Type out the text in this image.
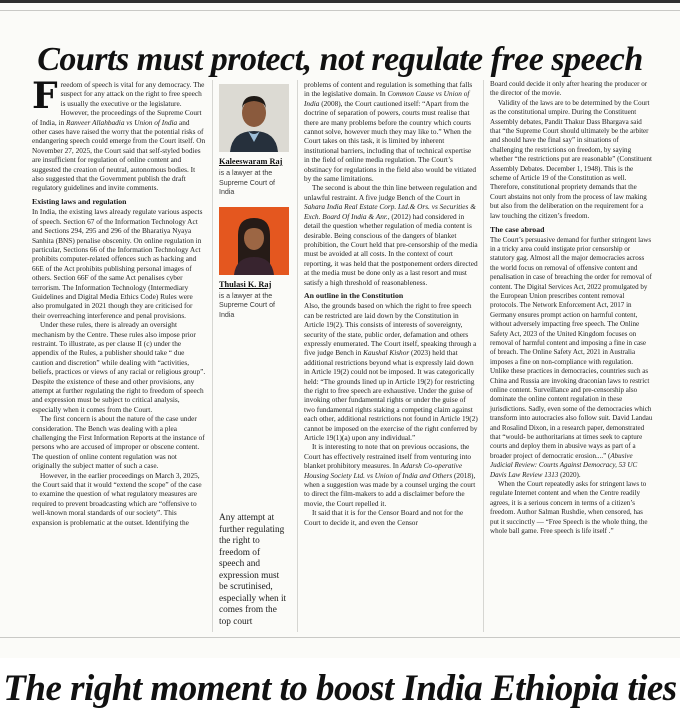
Courts must protect, not regulate free speech

Freedom of speech is vital for any democracy. The suspect for any attack on the right to free speech is usually the executive or the legislature. However, the proceedings of the Supreme Court of India, in Ranveer Allahbadia vs Union of India and other cases have raised the worry that the potential risks of endangering speech could emerge from the Court itself. On November 27, 2025, the Court said that self-styled bodies are insufficient for regulation of online content and suggested the creation of neutral, autonomous bodies. It also suggested that the Government publish the draft regulatory guidelines and invite comments.

Existing laws and regulation

In India, the existing laws already regulate various aspects of speech. Section 67 of the Information Technology Act and Sections 294, 295 and 296 of the Bharatiya Nyaya Sanhita (BNS) penalise obscenity. On online regulation in particular, Sections 66 of the Information Technology Act prohibits computer-related offences such as hacking and 66E of the Act prohibits publishing personal images of others. Section 66F of the same Act penalises cyber terrorism. The Information Technology (Intermediary Guidelines and Digital Media Ethics Code) Rules were also promulgated in 2021 though they are criticised for their overreaching interference and penal provisions.

Under these rules, there is already an oversight mechanism by the Centre. These rules also impose prior restraint. To illustrate, as per clause II (c) under the appendix of the Rules, a publisher should take “ due caution and discretion” while dealing with “activities, beliefs, practices or views of any racial or religious group”. Despite the existence of these and other provisions, any attempt at further regulating the right to freedom of speech and expression must be subject to critical analysis, especially when it comes from the Court.

The first concern is about the nature of the case under consideration. The Bench was dealing with a plea challenging the First Information Reports at the instance of persons who are accused of improper or obscene content. The question of online content regulation was not originally the subject matter of such a case.

However, in the earlier proceedings on March 3, 2025, the Court said that it would “extend the scope” of the case to examine the question of what regulatory measures are required to prevent broadcasting which are “offensive to well-known moral standards of our society”. This expansion is problematic at the outset. Identifying the

Kaleeswaram Raj
is a lawyer at the Supreme Court of India
Thulasi K. Raj
is a lawyer at the Supreme Court of India
Any attempt at further regulating the right to freedom of speech and expression must be scrutinised, especially when it comes from the top court

problems of content and regulation is something that falls in the legislative domain. In Common Cause vs Union of India (2008), the Court cautioned itself: “Apart from the doctrine of separation of powers, courts must realise that there are many problems before the country which courts cannot solve, however much they may like to.” When the Court takes on this task, it is limited by inherent institutional barriers, including that of technical expertise in the field of online media regulation. The Court’s obstinacy for regulations in the field also would be vitiated by the same limitations.

The second is about the thin line between regulation and unlawful restraint. A five judge Bench of the Court in Sahara India Real Estate Corp. Ltd.& Ors. vs Securities & Exch. Board Of India & Anr., (2012) had considered in detail the question whether regulation of media content is desirable. Being conscious of the dangers of blanket prohibition, the Court held that pre-censorship of the media must be avoided at all costs. In the context of court reporting, it was held that the postponement orders directed at the media must be done only as a last resort and must satisfy a high threshold of reasonableness.

An outline in the Constitution

Also, the grounds based on which the right to free speech can be restricted are laid down by the Constitution in Article 19(2). This consists of interests of sovereignty, security of the state, public order, defamation and others expressly enumerated. The Court itself, speaking through a five judge Bench in Kaushal Kishor (2023) held that additional restrictions beyond what is expressly laid down in Article 19(2) could not be imposed. It was categorically held: “The grounds lined up in Article 19(2) for restricting the right to free speech are exhaustive. Under the guise of invoking other fundamental rights or under the guise of two fundamental rights staking a competing claim against each other, additional restrictions not found in Article 19(2) cannot be imposed on the exercise of the right conferred by Article 19(1)(a) upon any individual.”

It is interesting to note that on previous occasions, the Court has effectively restrained itself from venturing into blanket prohibitory measures. In Adarsh Co-operative Housing Society Ltd. vs Union of India and Others (2018), when a suggestion was made by a counsel urging the court to direct the film-makers to add a disclaimer before the movie, the Court repelled it.

It said that it is for the Censor Board and not for the Court to decide it, and even the Censor

Board could decide it only after hearing the producer or the director of the movie.

Validity of the laws are to be determined by the Court as the constitutional umpire. During the Constituent Assembly debates, Pandit Thakur Dass Bhargava said that “the Supreme Court should ultimately be the arbiter and should have the final say” in situations of challenging the restrictions on freedom, by saying whether “the restrictions put are reasonable” (Constituent Assembly Debates. December 1, 1948). This is the scheme of Article 19 of the Constitution as well. Therefore, constitutional propriety demands that the Court abstains not only from the process of law making but also from the deliberation on the requirement for a law touching the citizen’s freedom.

The case abroad

The Court’s persuasive demand for further stringent laws in a tricky area could instigate prior censorship or statutory gag. Almost all the major democracies across the world focus on removal of offensive content and penalisation in case of breaching the order for removal of content. The Digital Services Act, 2022 promulgated by the European Union prescribes content removal protocols. The Network Enforcement Act, 2017 in Germany ensures prompt action on harmful content, without adversely impacting free speech. The Online Safety Act, 2023 of the United Kingdom focuses on removal of harmful content and imposing a fine in case of breach. The Online Safety Act, 2021 in Australia imposes a fine on non-compliance with regulation. Unlike these practices in democracies, countries such as China and Russia are invoking draconian laws to restrict online content. Surveillance and pre-censorship also dominate the online content regulation in these jurisdictions. Sadly, even some of the democracies which transform into autocracies also follow suit. David Landau and Rosalind Dixon, in a research paper, demonstrated that “would- be authoritarians at times seek to capture courts and deploy them in abusive ways as part of a broader project of democratic erosion....” (Abusive Judicial Review: Courts Against Democracy, 53 UC Davis Law Review 1313 (2020).

When the Court repeatedly asks for stringent laws to regulate Internet content and when the Centre readily agrees, it is a serious concern in terms of a citizen’s freedom. Author Salman Rushdie, when censored, has put it succinctly — “Free Speech is the whole thing, the whole ball game. Free speech is life itself .”

The right moment to boost India Ethiopia ties
